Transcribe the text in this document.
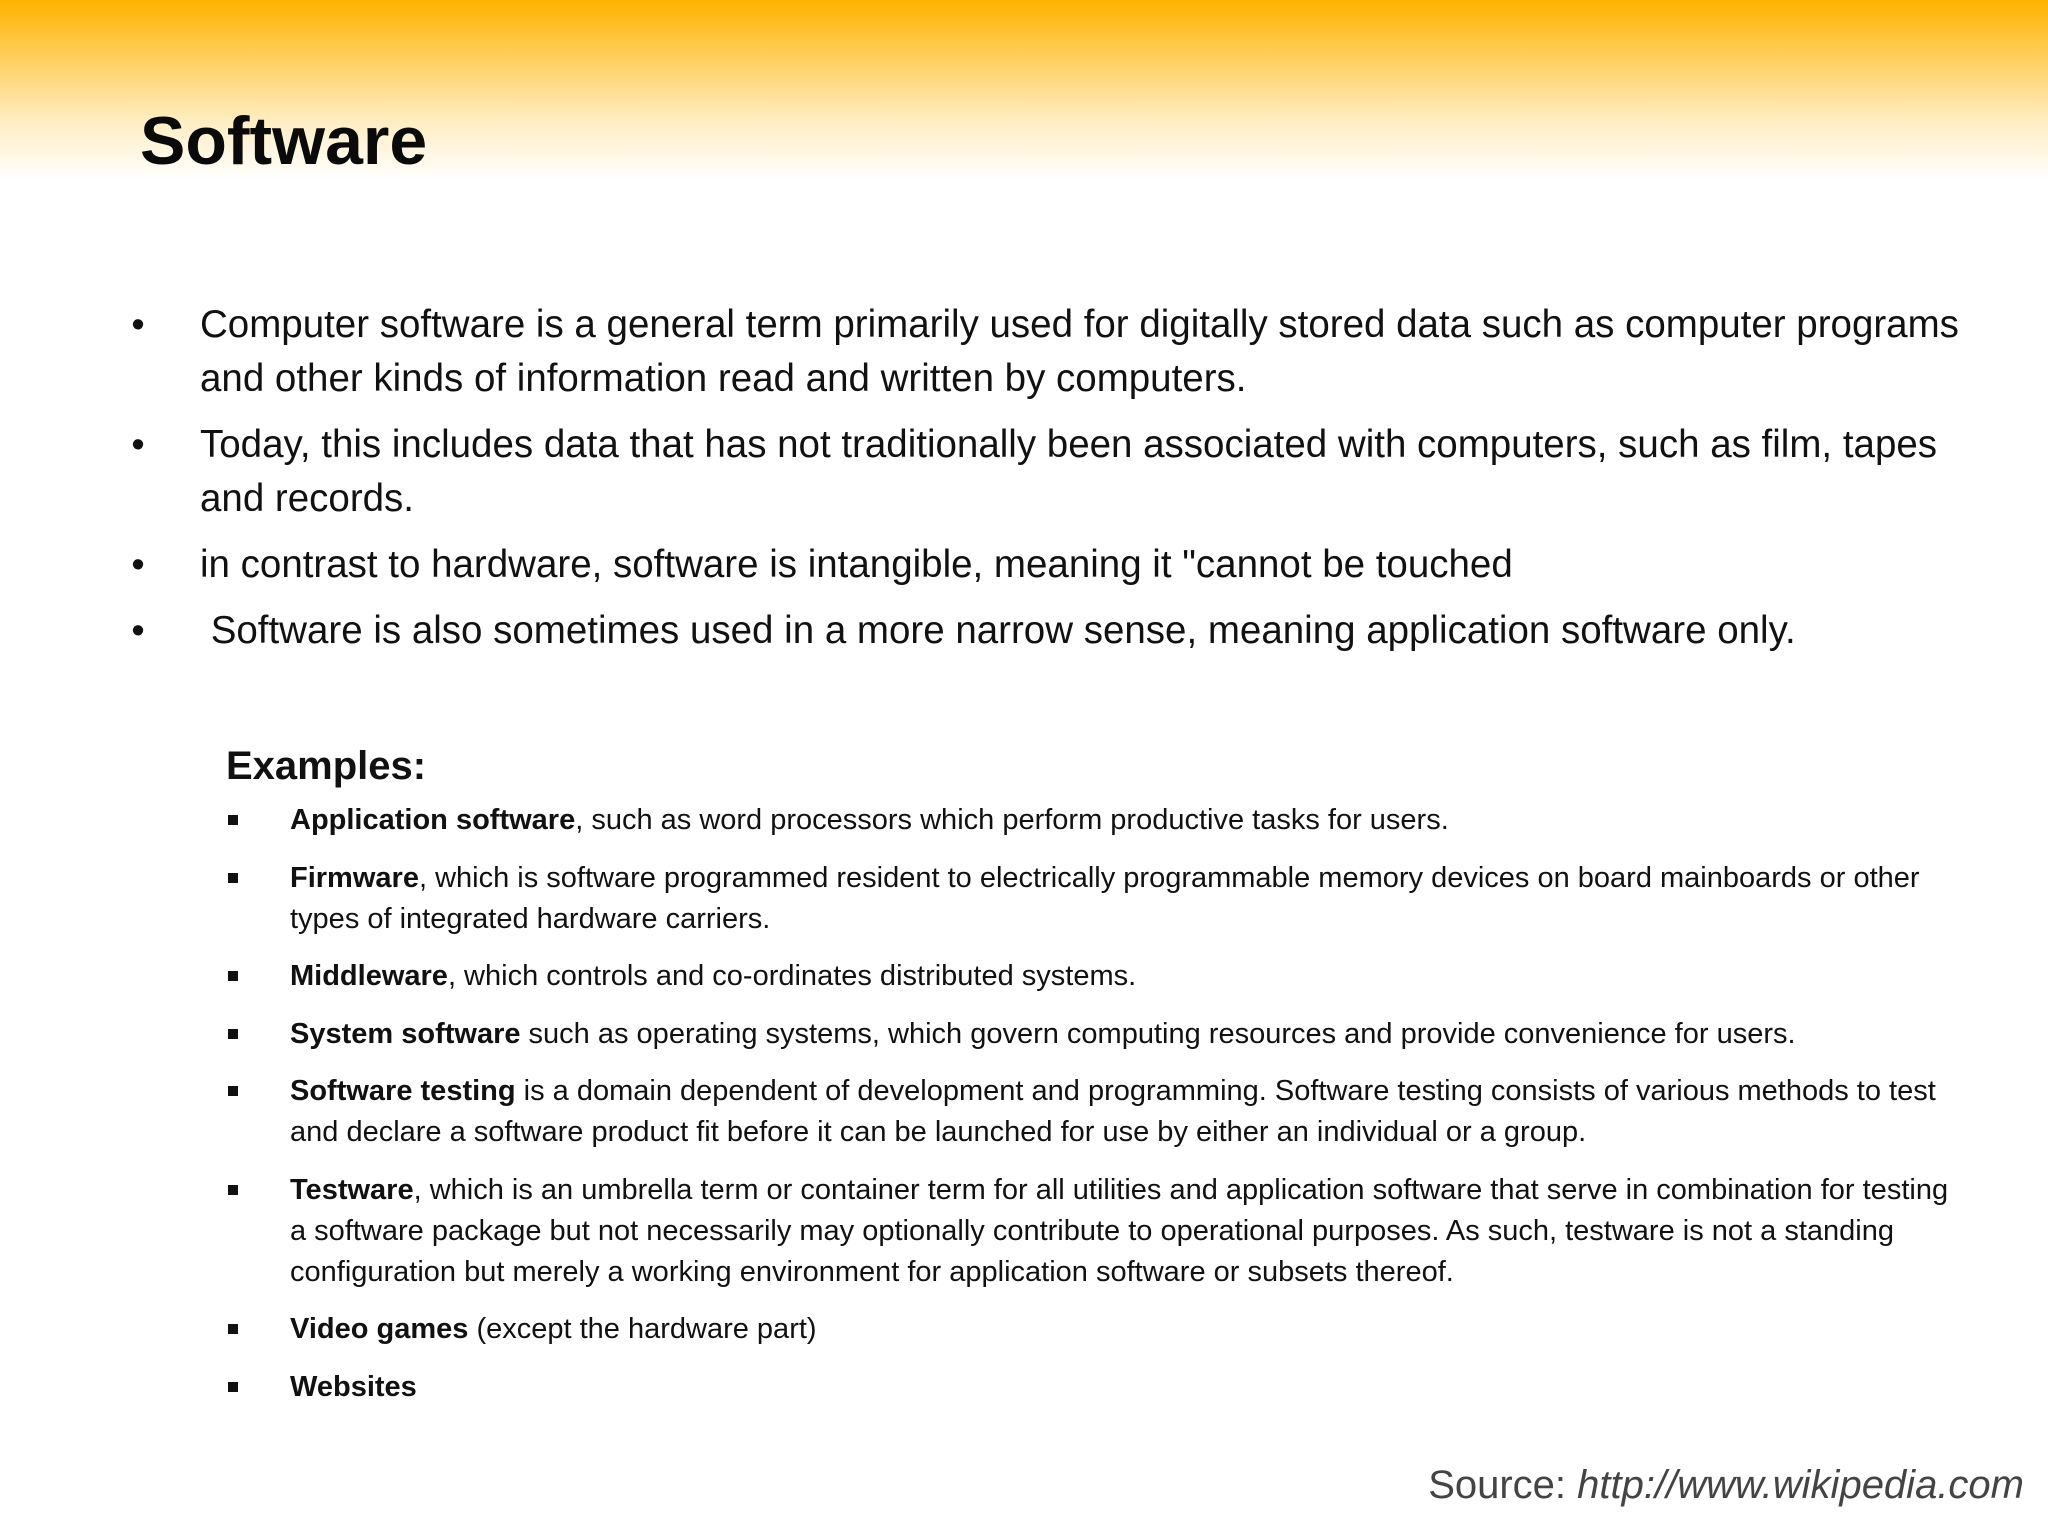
Software
• Computer software is a general term primarily used for digitally stored data such as computer programs and other kinds of information read and written by computers.
• Today, this includes data that has not traditionally been associated with computers, such as film, tapes and records.
• in contrast to hardware, software is intangible, meaning it "cannot be touched
• Software is also sometimes used in a more narrow sense, meaning application software only.
Examples:
Application software, such as word processors which perform productive tasks for users.
Firmware, which is software programmed resident to electrically programmable memory devices on board mainboards or other types of integrated hardware carriers.
Middleware, which controls and co-ordinates distributed systems.
System software such as operating systems, which govern computing resources and provide convenience for users.
Software testing is a domain dependent of development and programming. Software testing consists of various methods to test and declare a software product fit before it can be launched for use by either an individual or a group.
Testware, which is an umbrella term or container term for all utilities and application software that serve in combination for testing a software package but not necessarily may optionally contribute to operational purposes. As such, testware is not a standing configuration but merely a working environment for application software or subsets thereof.
Video games (except the hardware part)
Websites
Source: http://www.wikipedia.com
